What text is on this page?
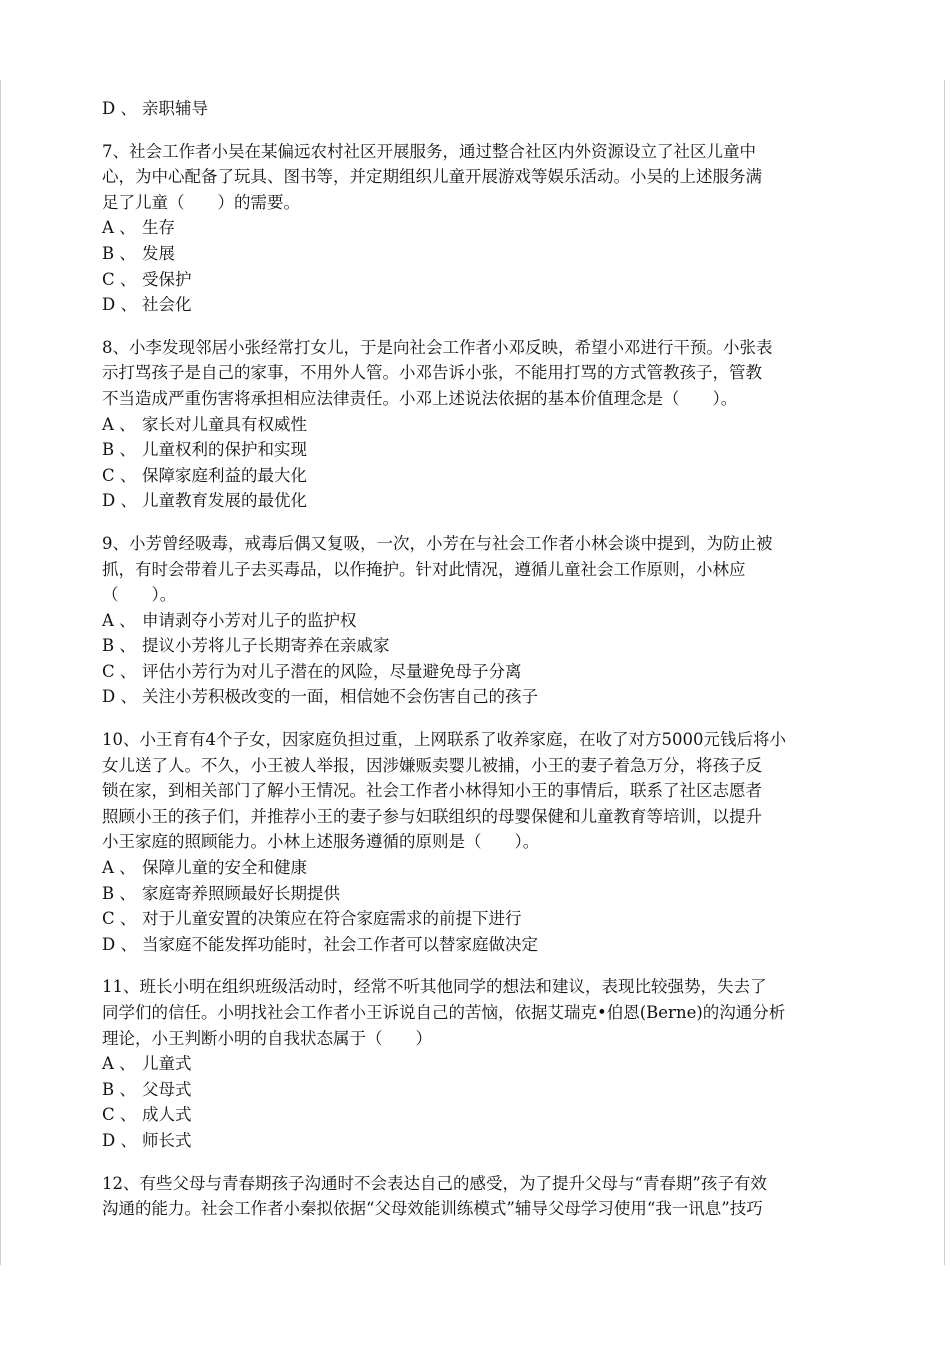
D 、 亲职辅导
7、社会工作者小吴在某偏远农村社区开展服务，通过整合社区内外资源设立了社区儿童中
心，为中心配备了玩具、图书等，并定期组织儿童开展游戏等娱乐活动。小吴的上述服务满
足了儿童（　　）的需要。
A 、 生存
B 、 发展
C 、 受保护
D 、 社会化
8、小李发现邻居小张经常打女儿，于是向社会工作者小邓反映，希望小邓进行干预。小张表
示打骂孩子是自己的家事，不用外人管。小邓告诉小张，不能用打骂的方式管教孩子，管教
不当造成严重伤害将承担相应法律责任。小邓上述说法依据的基本价值理念是（　　）。
A 、 家长对儿童具有权威性
B 、 儿童权利的保护和实现
C 、 保障家庭利益的最大化
D 、 儿童教育发展的最优化
9、小芳曾经吸毒，戒毒后偶又复吸，一次，小芳在与社会工作者小林会谈中提到，为防止被
抓，有时会带着儿子去买毒品，以作掩护。针对此情况，遵循儿童社会工作原则，小林应
（　　）。
A 、 申请剥夺小芳对儿子的监护权
B 、 提议小芳将儿子长期寄养在亲戚家
C 、 评估小芳行为对儿子潜在的风险，尽量避免母子分离
D 、 关注小芳积极改变的一面，相信她不会伤害自己的孩子
10、小王育有4个子女，因家庭负担过重，上网联系了收养家庭，在收了对方5000元钱后将小
女儿送了人。不久，小王被人举报，因涉嫌贩卖婴儿被捕，小王的妻子着急万分，将孩子反
锁在家，到相关部门了解小王情况。社会工作者小林得知小王的事情后，联系了社区志愿者
照顾小王的孩子们，并推荐小王的妻子参与妇联组织的母婴保健和儿童教育等培训，以提升
小王家庭的照顾能力。小林上述服务遵循的原则是（　　）。
A 、 保障儿童的安全和健康
B 、 家庭寄养照顾最好长期提供
C 、 对于儿童安置的决策应在符合家庭需求的前提下进行
D 、 当家庭不能发挥功能时，社会工作者可以替家庭做决定
11、班长小明在组织班级活动时，经常不听其他同学的想法和建议，表现比较强势，失去了
同学们的信任。小明找社会工作者小王诉说自己的苦恼，依据艾瑞克•伯恩(Berne)的沟通分析
理论，小王判断小明的自我状态属于（　　）
A 、 儿童式
B 、 父母式
C 、 成人式
D 、 师长式
12、有些父母与青春期孩子沟通时不会表达自己的感受，为了提升父母与“青春期”孩子有效
沟通的能力。社会工作者小秦拟依据“父母效能训练模式”辅导父母学习使用“我一讯息”技巧
